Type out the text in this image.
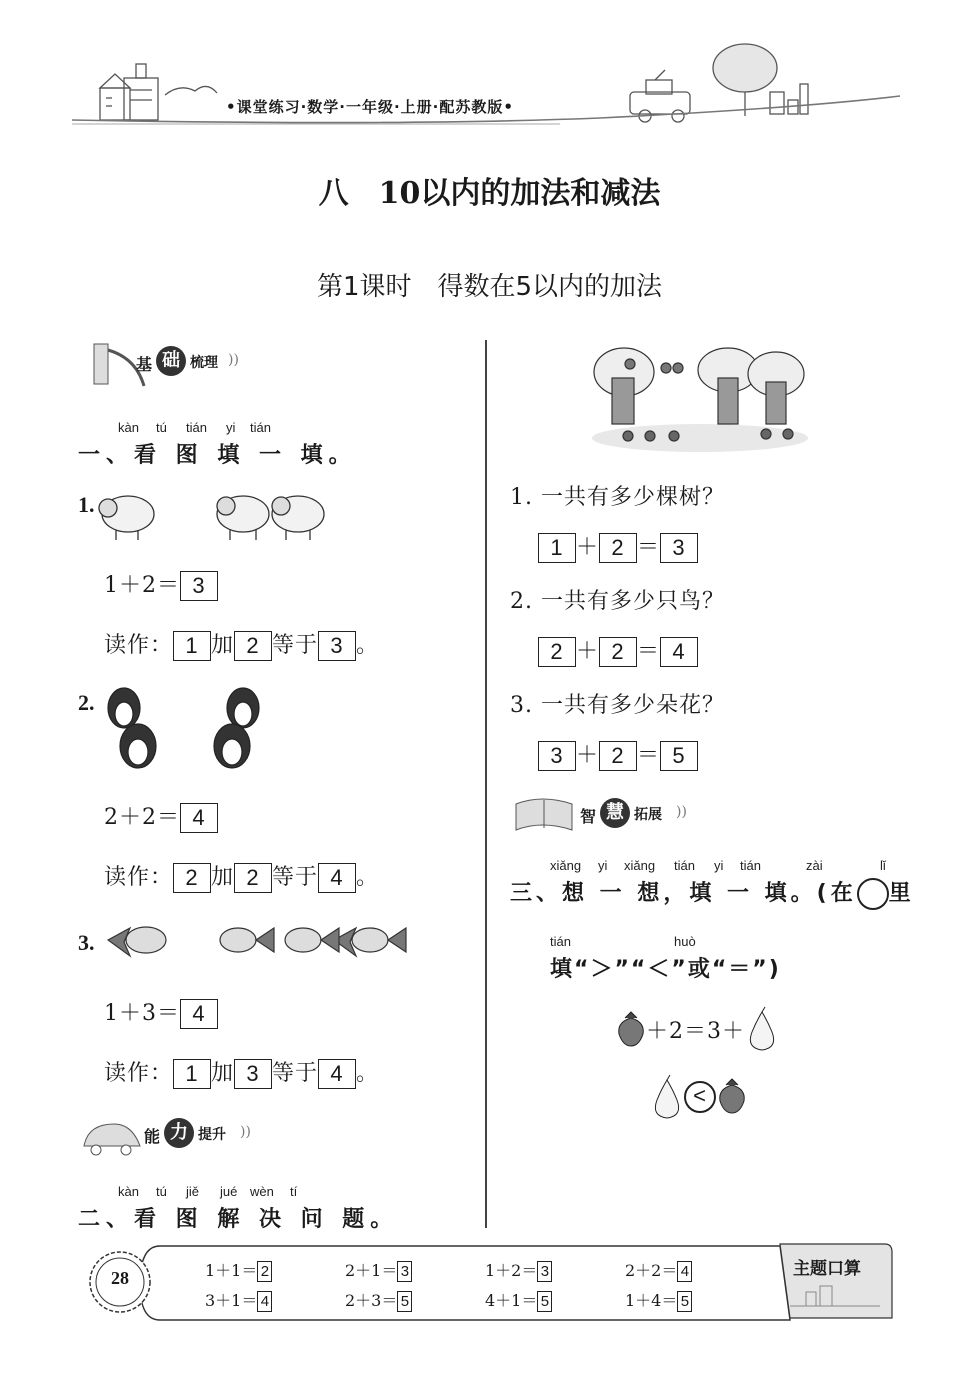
•课堂练习·数学·一年级·上册·配苏教版•
八　10以内的加法和减法
第1课时　得数在5以内的加法
基 础 梳理 ))
kàn tú tián yi tián
一、看 图 填 一 填。
1.
1＋2＝ 3
读作： 1 加 2 等于 3 。
2.
2＋2＝ 4
读作： 2 加 2 等于 4 。
3.
1＋3＝ 4
读作： 1 加 3 等于 4 。
能 力 提升 ))
kàn tú jiě jué wèn tí
二、看 图 解 决 问 题。
1. 一共有多少棵树？
1 ＋ 2 ＝ 3
2. 一共有多少只鸟？
2 ＋ 2 ＝ 4
3. 一共有多少朵花？
3 ＋ 2 ＝ 5
智 慧 拓展 ))
xiǎng yi xiǎng tián yi tián	zài	lǐ
三、想 一 想，填 一 填。(在 里
tián	huò
填“＞”“＜”或“＝”)
＋2＝3＋
<
28	主题口算
1＋1＝ 2	2＋1＝ 3	1＋2＝ 3	2＋2＝ 4
3＋1＝ 4	2＋3＝ 5	4＋1＝ 5	1＋4＝ 5
